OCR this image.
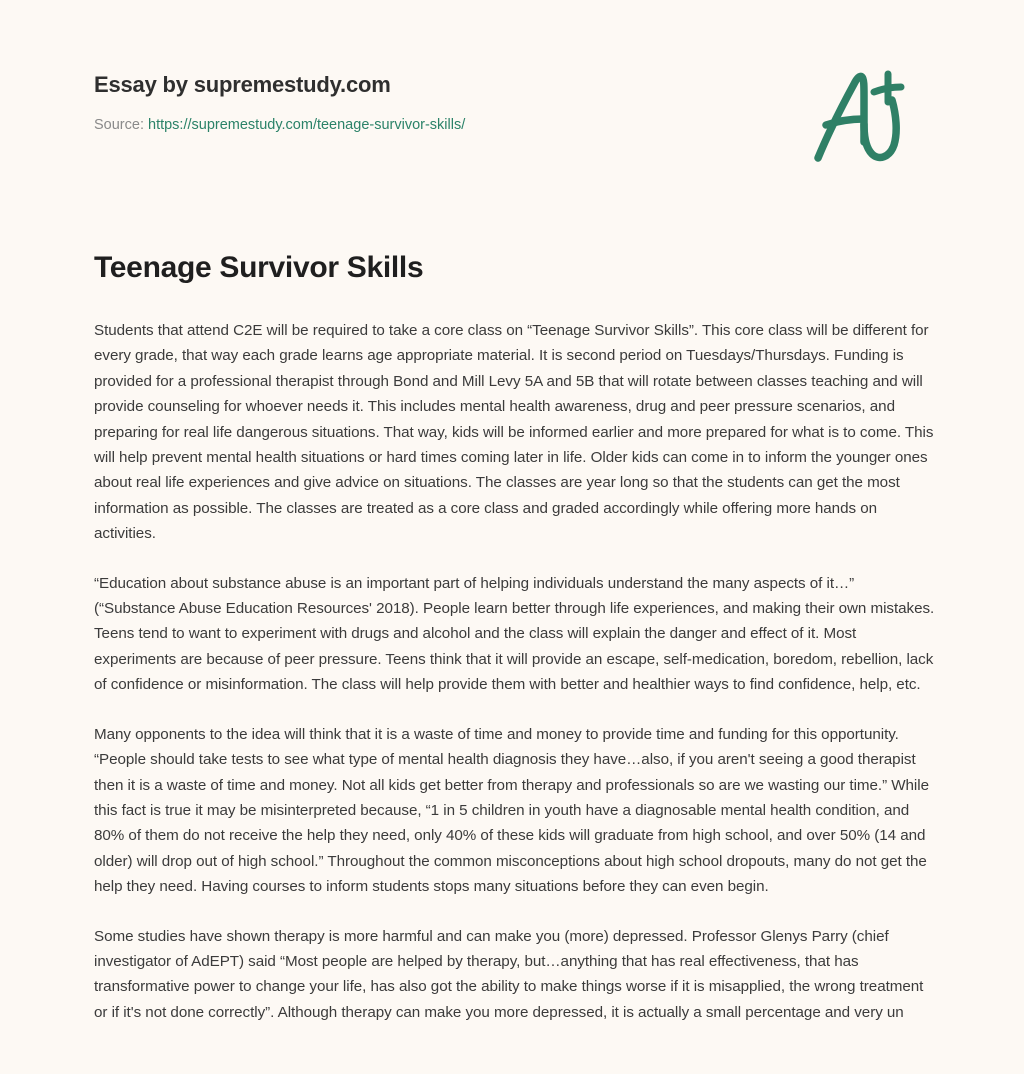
Essay by supremestudy.com
Source: https://supremestudy.com/teenage-survivor-skills/
Teenage Survivor Skills

Students that attend C2E will be required to take a core class on “Teenage Survivor Skills”. This core class will be different for every grade, that way each grade learns age appropriate material. It is second period on Tuesdays/Thursdays. Funding is provided for a professional therapist through Bond and Mill Levy 5A and 5B that will rotate between classes teaching and will provide counseling for whoever needs it. This includes mental health awareness, drug and peer pressure scenarios, and preparing for real life dangerous situations. That way, kids will be informed earlier and more prepared for what is to come. This will help prevent mental health situations or hard times coming later in life. Older kids can come in to inform the younger ones about real life experiences and give advice on situations. The classes are year long so that the students can get the most information as possible. The classes are treated as a core class and graded accordingly while offering more hands on activities.

“Education about substance abuse is an important part of helping individuals understand the many aspects of it…” (“Substance Abuse Education Resources' 2018). People learn better through life experiences, and making their own mistakes. Teens tend to want to experiment with drugs and alcohol and the class will explain the danger and effect of it. Most experiments are because of peer pressure. Teens think that it will provide an escape, self-medication, boredom, rebellion, lack of confidence or misinformation. The class will help provide them with better and healthier ways to find confidence, help, etc.

Many opponents to the idea will think that it is a waste of time and money to provide time and funding for this opportunity. “People should take tests to see what type of mental health diagnosis they have…also, if you aren't seeing a good therapist then it is a waste of time and money. Not all kids get better from therapy and professionals so are we wasting our time.” While this fact is true it may be misinterpreted because, “1 in 5 children in youth have a diagnosable mental health condition, and 80% of them do not receive the help they need, only 40% of these kids will graduate from high school, and over 50% (14 and older) will drop out of high school.” Throughout the common misconceptions about high school dropouts, many do not get the help they need. Having courses to inform students stops many situations before they can even begin.

Some studies have shown therapy is more harmful and can make you (more) depressed. Professor Glenys Parry (chief investigator of AdEPT) said “Most people are helped by therapy, but…anything that has real effectiveness, that has transformative power to change your life, has also got the ability to make things worse if it is misapplied, the wrong treatment or if it's not done correctly”. Although therapy can make you more depressed, it is actually a small percentage and very un
